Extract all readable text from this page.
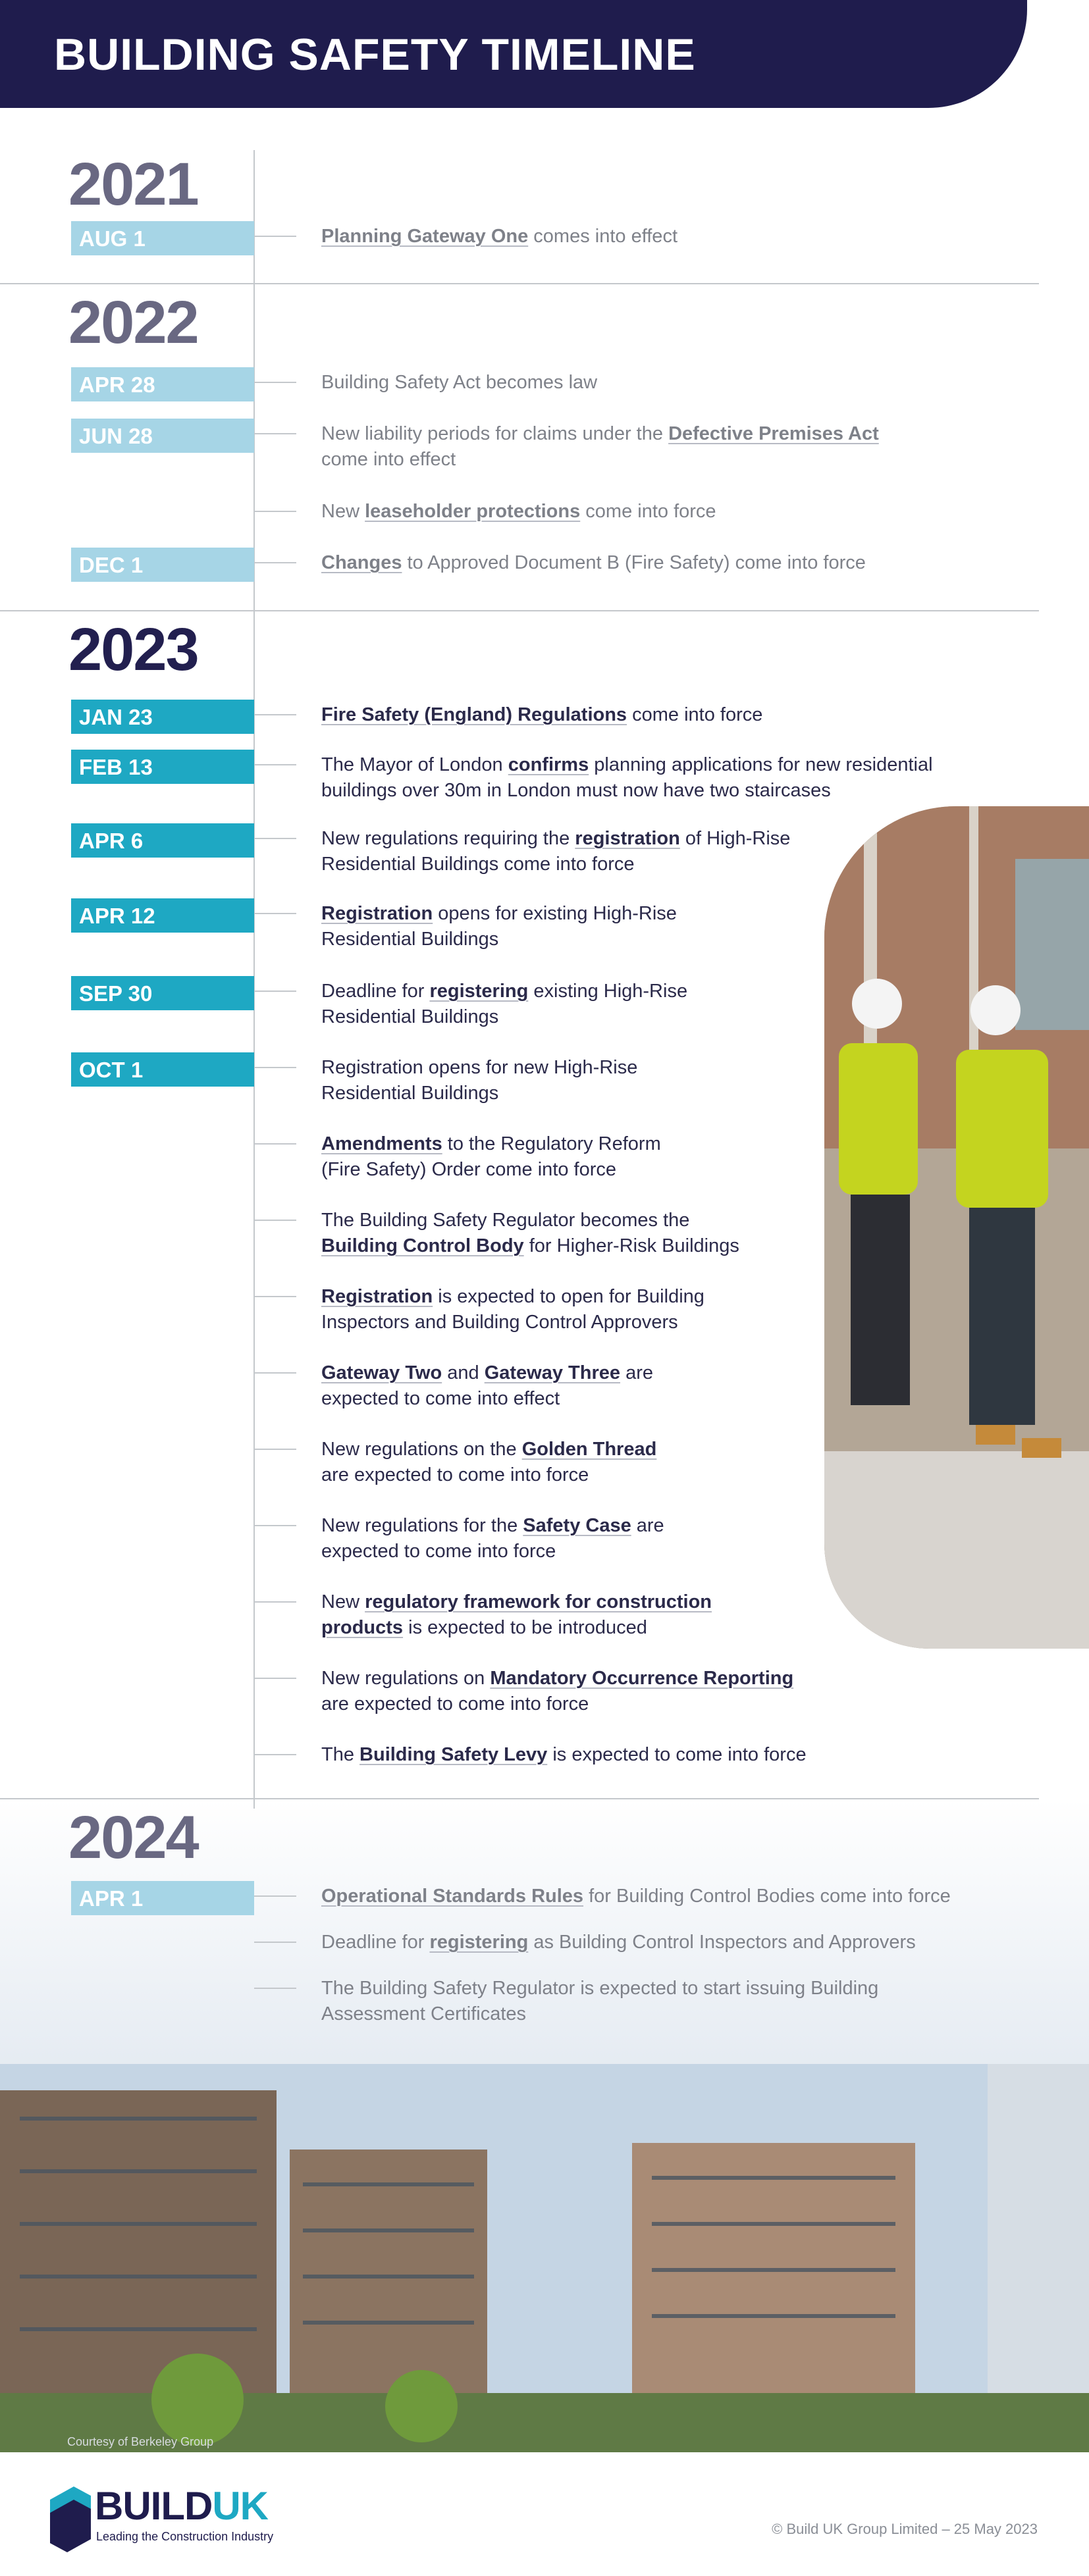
BUILDING SAFETY TIMELINE
Courtesy of Berkeley Group
2021
AUG 1	Planning Gateway One comes into effect
2022
APR 28	Building Safety Act becomes law
JUN 28	New liability periods for claims under the Defective Premises Act
come into effect
New leaseholder protections come into force
DEC 1	Changes to Approved Document B (Fire Safety) come into force
2023
JAN 23	Fire Safety (England) Regulations come into force
FEB 13	The Mayor of London confirms planning applications for new residential
buildings over 30m in London must now have two staircases
APR 6	New regulations requiring the registration of High-Rise
Residential Buildings come into force
APR 12	Registration opens for existing High-Rise
Residential Buildings
SEP 30	Deadline for registering existing High-Rise
Residential Buildings
OCT 1	Registration opens for new High-Rise
Residential Buildings
Amendments to the Regulatory Reform
(Fire Safety) Order come into force
The Building Safety Regulator becomes the
Building Control Body for Higher-Risk Buildings
Registration is expected to open for Building
Inspectors and Building Control Approvers
Gateway Two and Gateway Three are
expected to come into effect
New regulations on the Golden Thread
are expected to come into force
New regulations for the Safety Case are
expected to come into force
New regulatory framework for construction
products is expected to be introduced
New regulations on Mandatory Occurrence Reporting
are expected to come into force
The Building Safety Levy is expected to come into force
2024
APR 1	Operational Standards Rules for Building Control Bodies come into force
Deadline for registering as Building Control Inspectors and Approvers
The Building Safety Regulator is expected to start issuing Building
Assessment Certificates
BUILDUK
Leading the Construction Industry	© Build UK Group Limited – 25 May 2023
